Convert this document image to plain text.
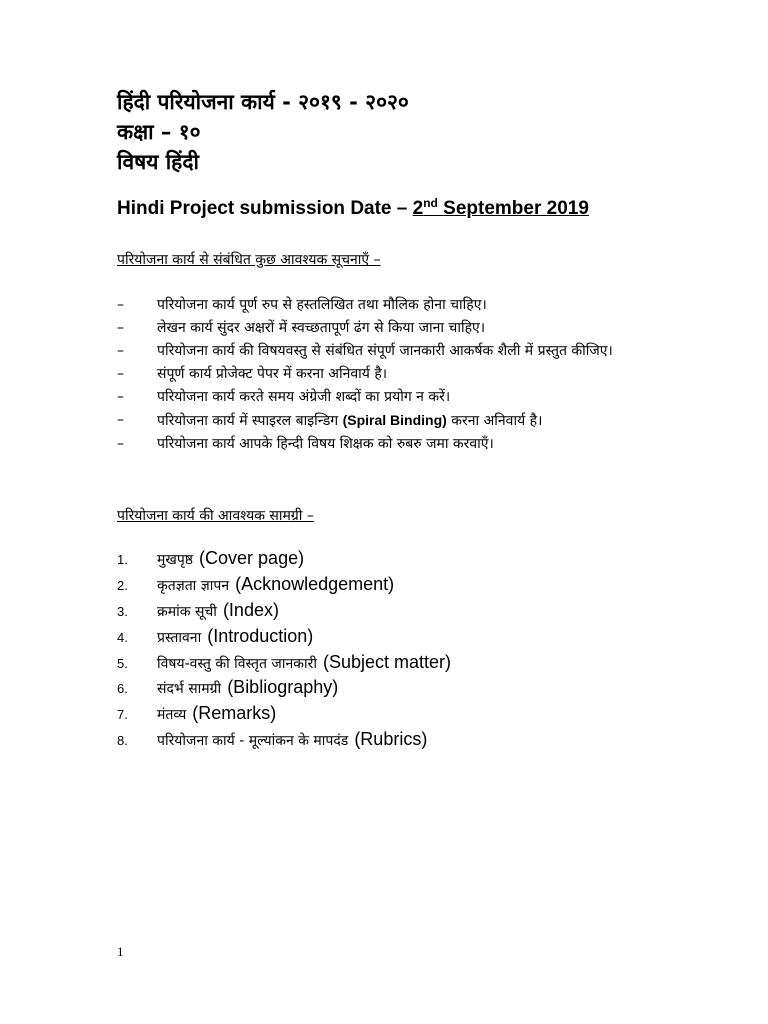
हिंदी परियोजना कार्य - २०१९ - २०२०
कक्षा – १०
विषय हिंदी
Hindi Project submission Date – 2nd September 2019
परियोजना कार्य से संबंधित कुछ आवश्यक सूचनाएँ –
–	परियोजना कार्य पूर्ण रुप से हस्तलिखित तथा मौलिक होना चाहिए।
–	लेखन कार्य सुंदर अक्षरों में स्वच्छतापूर्ण ढंग से किया जाना चाहिए।
–	परियोजना कार्य की विषयवस्तु से संबंधित संपूर्ण जानकारी आकर्षक शैली में प्रस्तुत कीजिए।
–	संपूर्ण कार्य प्रोजेक्ट पेपर में करना अनिवार्य है।
–	परियोजना कार्य करते समय अंग्रेजी शब्दों का प्रयोग न करें।
–	परियोजना कार्य में स्पाइरल बाइन्डिग (Spiral Binding) करना अनिवार्य है।
–	परियोजना कार्य आपके हिन्दी विषय शिक्षक को रुबरु जमा करवाएँ।
परियोजना कार्य की आवश्यक सामग्री –
1.	मुखपृष्ठ (Cover page)
2.	कृतज्ञता ज्ञापन (Acknowledgement)
3.	क्रमांक सूची (Index)
4.	प्रस्तावना (Introduction)
5.	विषय-वस्तु की विस्तृत जानकारी (Subject matter)
6.	संदर्भ सामग्री (Bibliography)
7.	मंतव्य (Remarks)
8.	परियोजना कार्य - मूल्यांकन के मापदंड (Rubrics)
1
